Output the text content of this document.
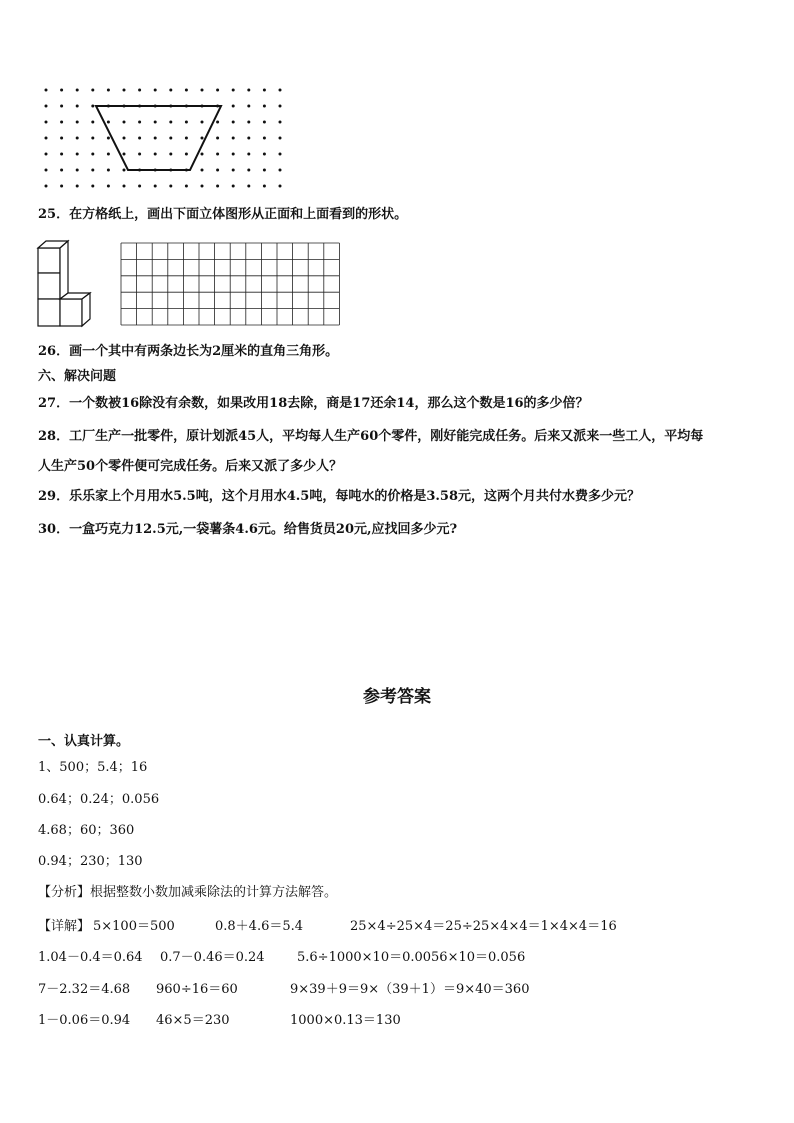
25．在方格纸上，画出下面立体图形从正面和上面看到的形状。

26．画一个其中有两条边长为2厘米的直角三角形。

六、解决问题

27．一个数被16除没有余数，如果改用18去除，商是17还余14，那么这个数是16的多少倍？

28．工厂生产一批零件，原计划派45人，平均每人生产60个零件，刚好能完成任务。后来又派来一些工人，平均每

人生产50个零件便可完成任务。后来又派了多少人？

29．乐乐家上个月用水5.5吨，这个月用水4.5吨，每吨水的价格是3.58元，这两个月共付水费多少元？

30．一盒巧克力12.5元,一袋薯条4.6元。给售货员20元,应找回多少元?

参考答案

一、认真计算。

1、500；5.4；16

0.64；0.24；0.056

4.68；60；360

0.94；230；130

【分析】根据整数小数加减乘除法的计算方法解答。

【详解】 5×100＝500	0.8＋4.6＝5.4	25×4÷25×4＝25÷25×4×4＝1×4×4＝16
1.04－0.4＝0.64 0.7－0.46＝0.24 5.6÷1000×10＝0.0056×10＝0.056
7－2.32＝4.68 960÷16＝60	9×39＋9＝9×（39＋1）＝9×40＝360
1－0.06＝0.94 46×5＝230	1000×0.13＝130
